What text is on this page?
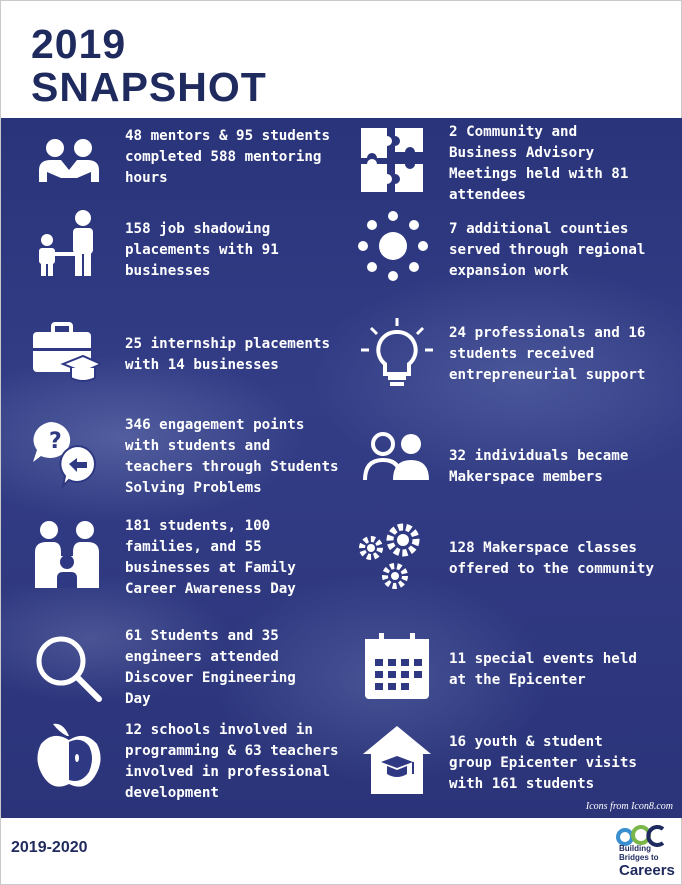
2019
SNAPSHOT

48 mentors & 95 students
completed 588 mentoring
hours

158 job shadowing
placements with 91
businesses

25 internship placements
with 14 businesses

?

346 engagement points
with students and
teachers through Students
Solving Problems

181 students, 100
families, and 55
businesses at Family
Career Awareness Day

61 Students and 35
engineers attended
Discover Engineering
Day

12 schools involved in
programming & 63 teachers
involved in professional
development

2 Community and
Business Advisory
Meetings held with 81
attendees

7 additional counties
served through regional
expansion work

24 professionals and 16
students received
entrepreneurial support

32 individuals became
Makerspace members

128 Makerspace classes
offered to the community

11 special events held
at the Epicenter

16 youth & student
group Epicenter visits
with 161 students

Icons from Icon8.com
2019-2020	Building
Bridges to
Careers
